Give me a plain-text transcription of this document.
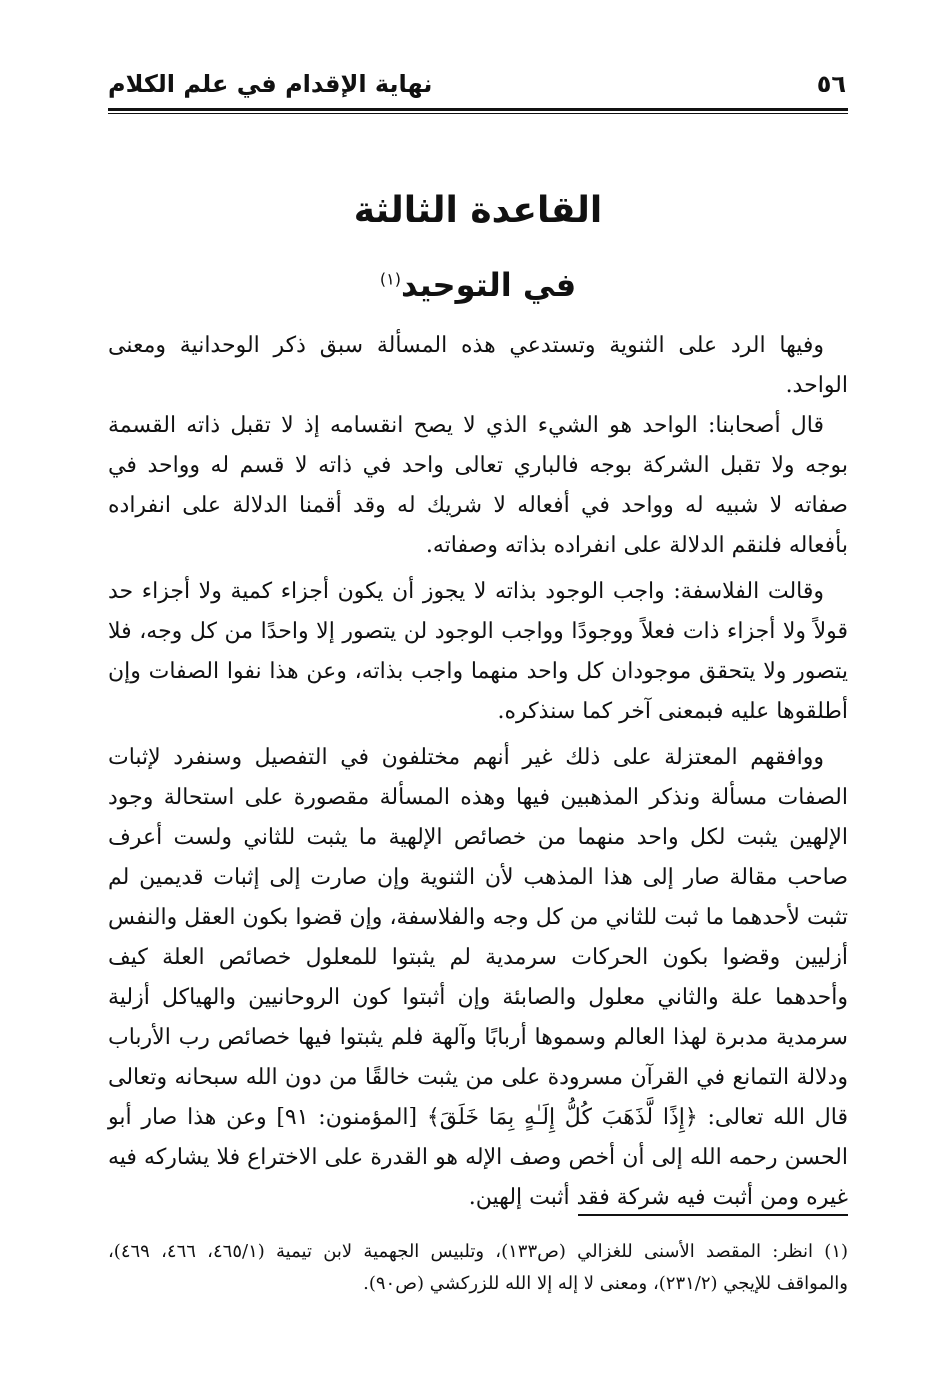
نهاية الإقدام في علم الكلام	٥٦
القاعدة الثالثة
في التوحيد$^{(١)}$

وفيها الرد على الثنوية وتستدعي هذه المسألة سبق ذكر الوحدانية ومعنى الواحد.

قال أصحابنا: الواحد هو الشيء الذي لا يصح انقسامه إذ لا تقبل ذاته القسمة بوجه ولا تقبل الشركة بوجه فالباري تعالى واحد في ذاته لا قسم له وواحد في صفاته لا شبيه له وواحد في أفعاله لا شريك له وقد أقمنا الدلالة على انفراده بأفعاله فلنقم الدلالة على انفراده بذاته وصفاته.

وقالت الفلاسفة: واجب الوجود بذاته لا يجوز أن يكون أجزاء كمية ولا أجزاء حد قولاً ولا أجزاء ذات فعلاً ووجودًا وواجب الوجود لن يتصور إلا واحدًا من كل وجه، فلا يتصور ولا يتحقق موجودان كل واحد منهما واجب بذاته، وعن هذا نفوا الصفات وإن أطلقوها عليه فبمعنى آخر كما سنذكره.

ووافقهم المعتزلة على ذلك غير أنهم مختلفون في التفصيل وسنفرد لإثبات الصفات مسألة ونذكر المذهبين فيها وهذه المسألة مقصورة على استحالة وجود الإلهين يثبت لكل واحد منهما من خصائص الإلهية ما يثبت للثاني ولست أعرف صاحب مقالة صار إلى هذا المذهب لأن الثنوية وإن صارت إلى إثبات قديمين لم تثبت لأحدهما ما ثبت للثاني من كل وجه والفلاسفة، وإن قضوا بكون العقل والنفس أزليين وقضوا بكون الحركات سرمدية لم يثبتوا للمعلول خصائص العلة كيف وأحدهما علة والثاني معلول والصابئة وإن أثبتوا كون الروحانيين والهياكل أزلية سرمدية مدبرة لهذا العالم وسموها أربابًا وآلهة فلم يثبتوا فيها خصائص رب الأرباب ودلالة التمانع في القرآن مسرودة على من يثبت خالقًا من دون الله سبحانه وتعالى قال الله تعالى: ﴿إِذًا لَّذَهَبَ كُلُّ إِلَـٰهٍ بِمَا خَلَقَ﴾ [المؤمنون: ٩١] وعن هذا صار أبو الحسن رحمه الله إلى أن أخص وصف الإله هو القدرة على الاختراع فلا يشاركه فيه غيره ومن أثبت فيه شركة فقد أثبت إلهين.

(١) انظر: المقصد الأسنى للغزالي (ص١٣٣)، وتلبيس الجهمية لابن تيمية (٤٦٥/١، ٤٦٦، ٤٦٩)، والمواقف للإيجي (٢٣١/٢)، ومعنى لا إله إلا الله للزركشي (ص٩٠).
